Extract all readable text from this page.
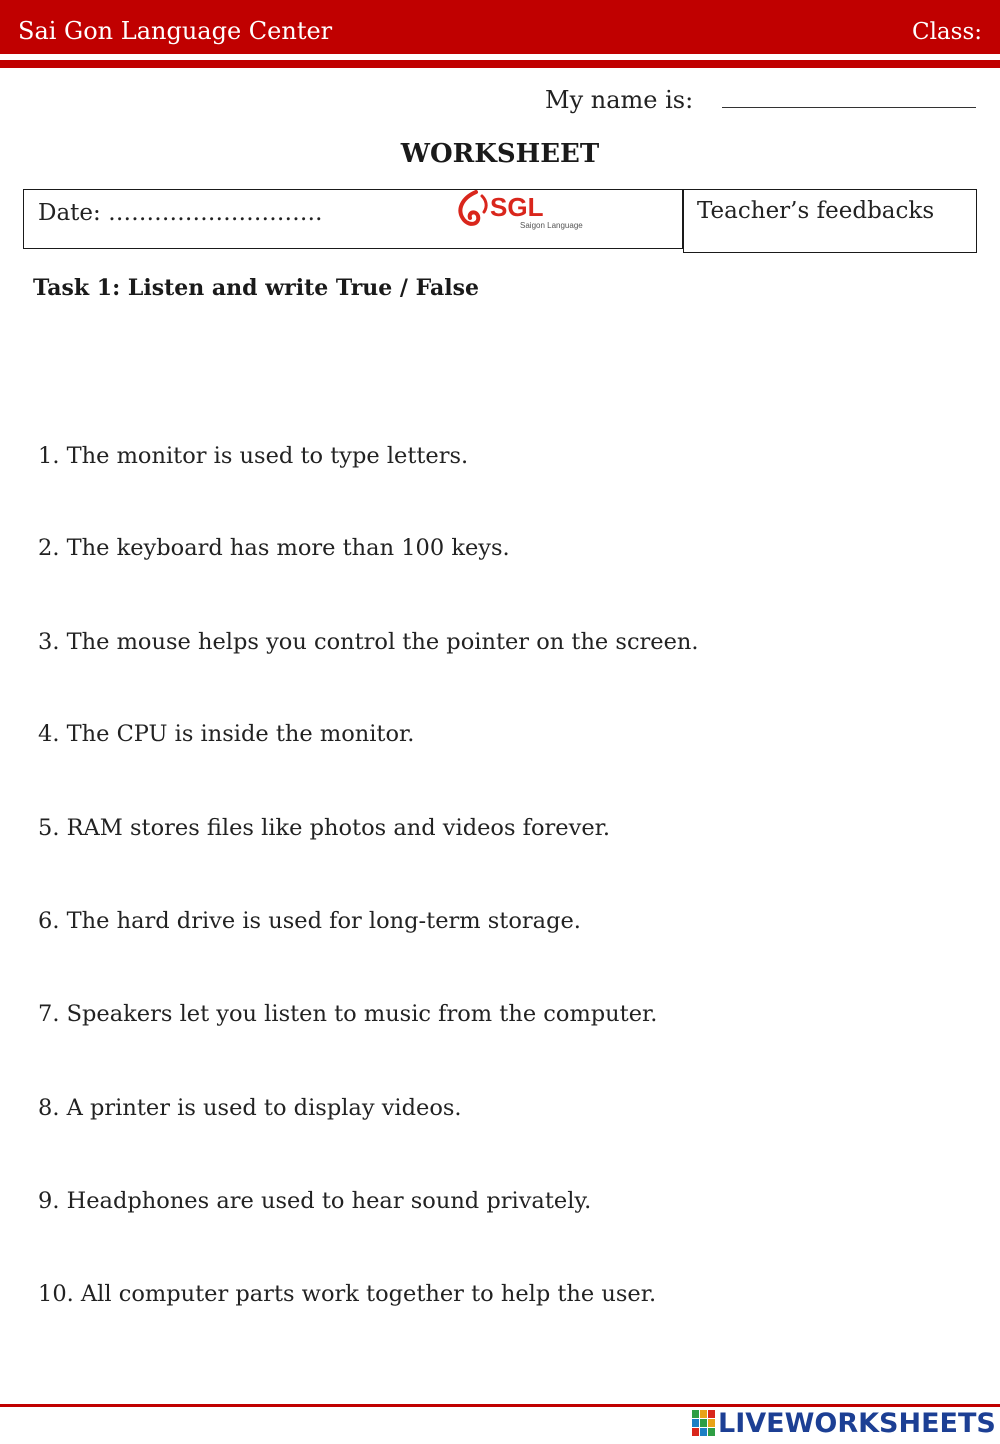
Sai Gon Language Center	Class:
My name is:
WORKSHEET
Date: ……………………….	SGL
Saigon Language
Teacher’s feedbacks
Task 1: Listen and write True / False
1. The monitor is used to type letters.
2. The keyboard has more than 100 keys.
3. The mouse helps you control the pointer on the screen.
4. The CPU is inside the monitor.
5. RAM stores files like photos and videos forever.
6. The hard drive is used for long-term storage.
7. Speakers let you listen to music from the computer.
8. A printer is used to display videos.
9. Headphones are used to hear sound privately.
10. All computer parts work together to help the user.
LIVEWORKSHEETS
